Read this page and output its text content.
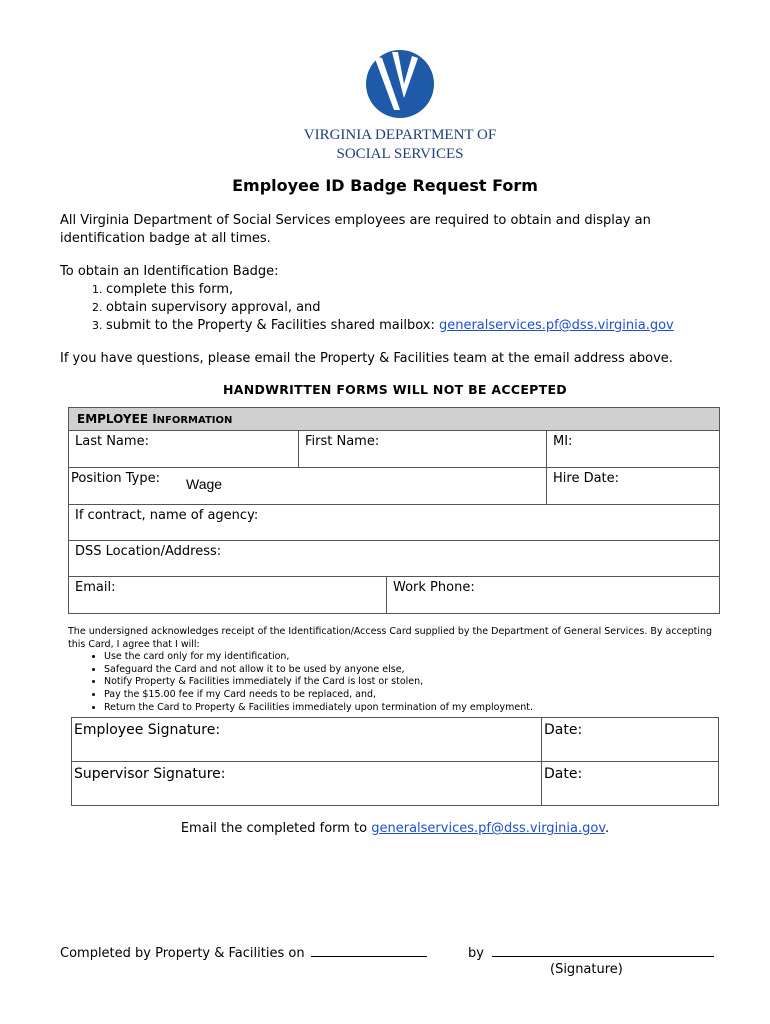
VIRGINIA DEPARTMENT OF
SOCIAL SERVICES
Employee ID Badge Request Form
All Virginia Department of Social Services employees are required to obtain and display an identification badge at all times.
To obtain an Identification Badge:
1. complete this form,
2. obtain supervisory approval, and
3. submit to the Property & Facilities shared mailbox: generalservices.pf@dss.virginia.gov
If you have questions, please email the Property & Facilities team at the email address above.
HANDWRITTEN FORMS WILL NOT BE ACCEPTED
EMPLOYEE INFORMATION
Last Name:	First Name:	MI:
Position Type: Wage	Hire Date:
If contract, name of agency:
DSS Location/Address:
Email:	Work Phone:
The undersigned acknowledges receipt of the Identification/Access Card supplied by the Department of General Services. By accepting this Card, I agree that I will:
• Use the card only for my identification,
• Safeguard the Card and not allow it to be used by anyone else,
• Notify Property & Facilities immediately if the Card is lost or stolen,
• Pay the $15.00 fee if my Card needs to be replaced, and,
• Return the Card to Property & Facilities immediately upon termination of my employment.
Employee Signature:	Date:
Supervisor Signature:	Date:
Email the completed form to generalservices.pf@dss.virginia.gov.
Completed by Property & Facilities on	by
(Signature)
